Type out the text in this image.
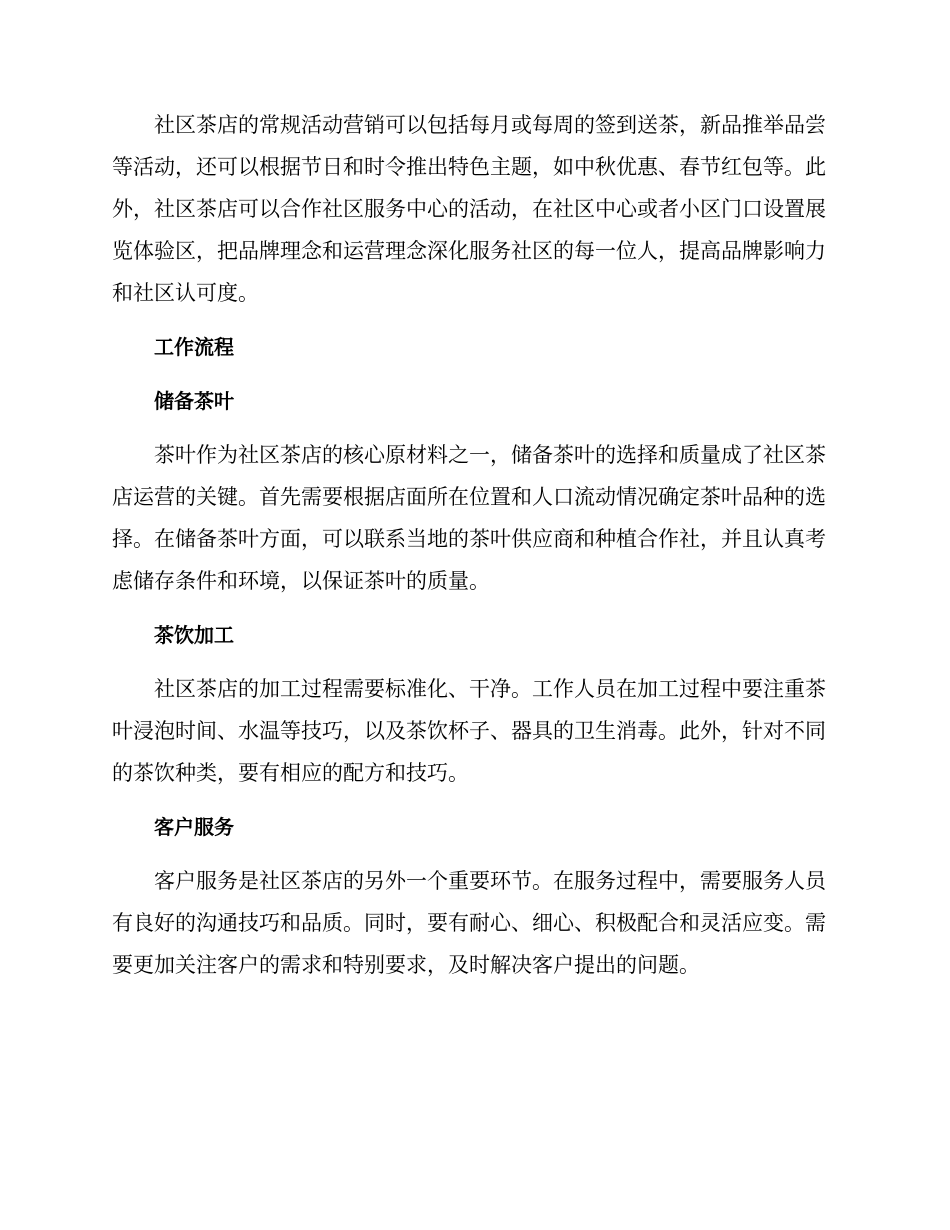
社区茶店的常规活动营销可以包括每月或每周的签到送茶，新品推举品尝等活动，还可以根据节日和时令推出特色主题，如中秋优惠、春节红包等。此外，社区茶店可以合作社区服务中心的活动，在社区中心或者小区门口设置展览体验区，把品牌理念和运营理念深化服务社区的每一位人，提高品牌影响力和社区认可度。

工作流程

储备茶叶

茶叶作为社区茶店的核心原材料之一，储备茶叶的选择和质量成了社区茶店运营的关键。首先需要根据店面所在位置和人口流动情况确定茶叶品种的选择。在储备茶叶方面，可以联系当地的茶叶供应商和种植合作社，并且认真考虑储存条件和环境，以保证茶叶的质量。

茶饮加工

社区茶店的加工过程需要标准化、干净。工作人员在加工过程中要注重茶叶浸泡时间、水温等技巧，以及茶饮杯子、器具的卫生消毒。此外，针对不同的茶饮种类，要有相应的配方和技巧。

客户服务

客户服务是社区茶店的另外一个重要环节。在服务过程中，需要服务人员有良好的沟通技巧和品质。同时，要有耐心、细心、积极配合和灵活应变。需要更加关注客户的需求和特别要求，及时解决客户提出的问题。
